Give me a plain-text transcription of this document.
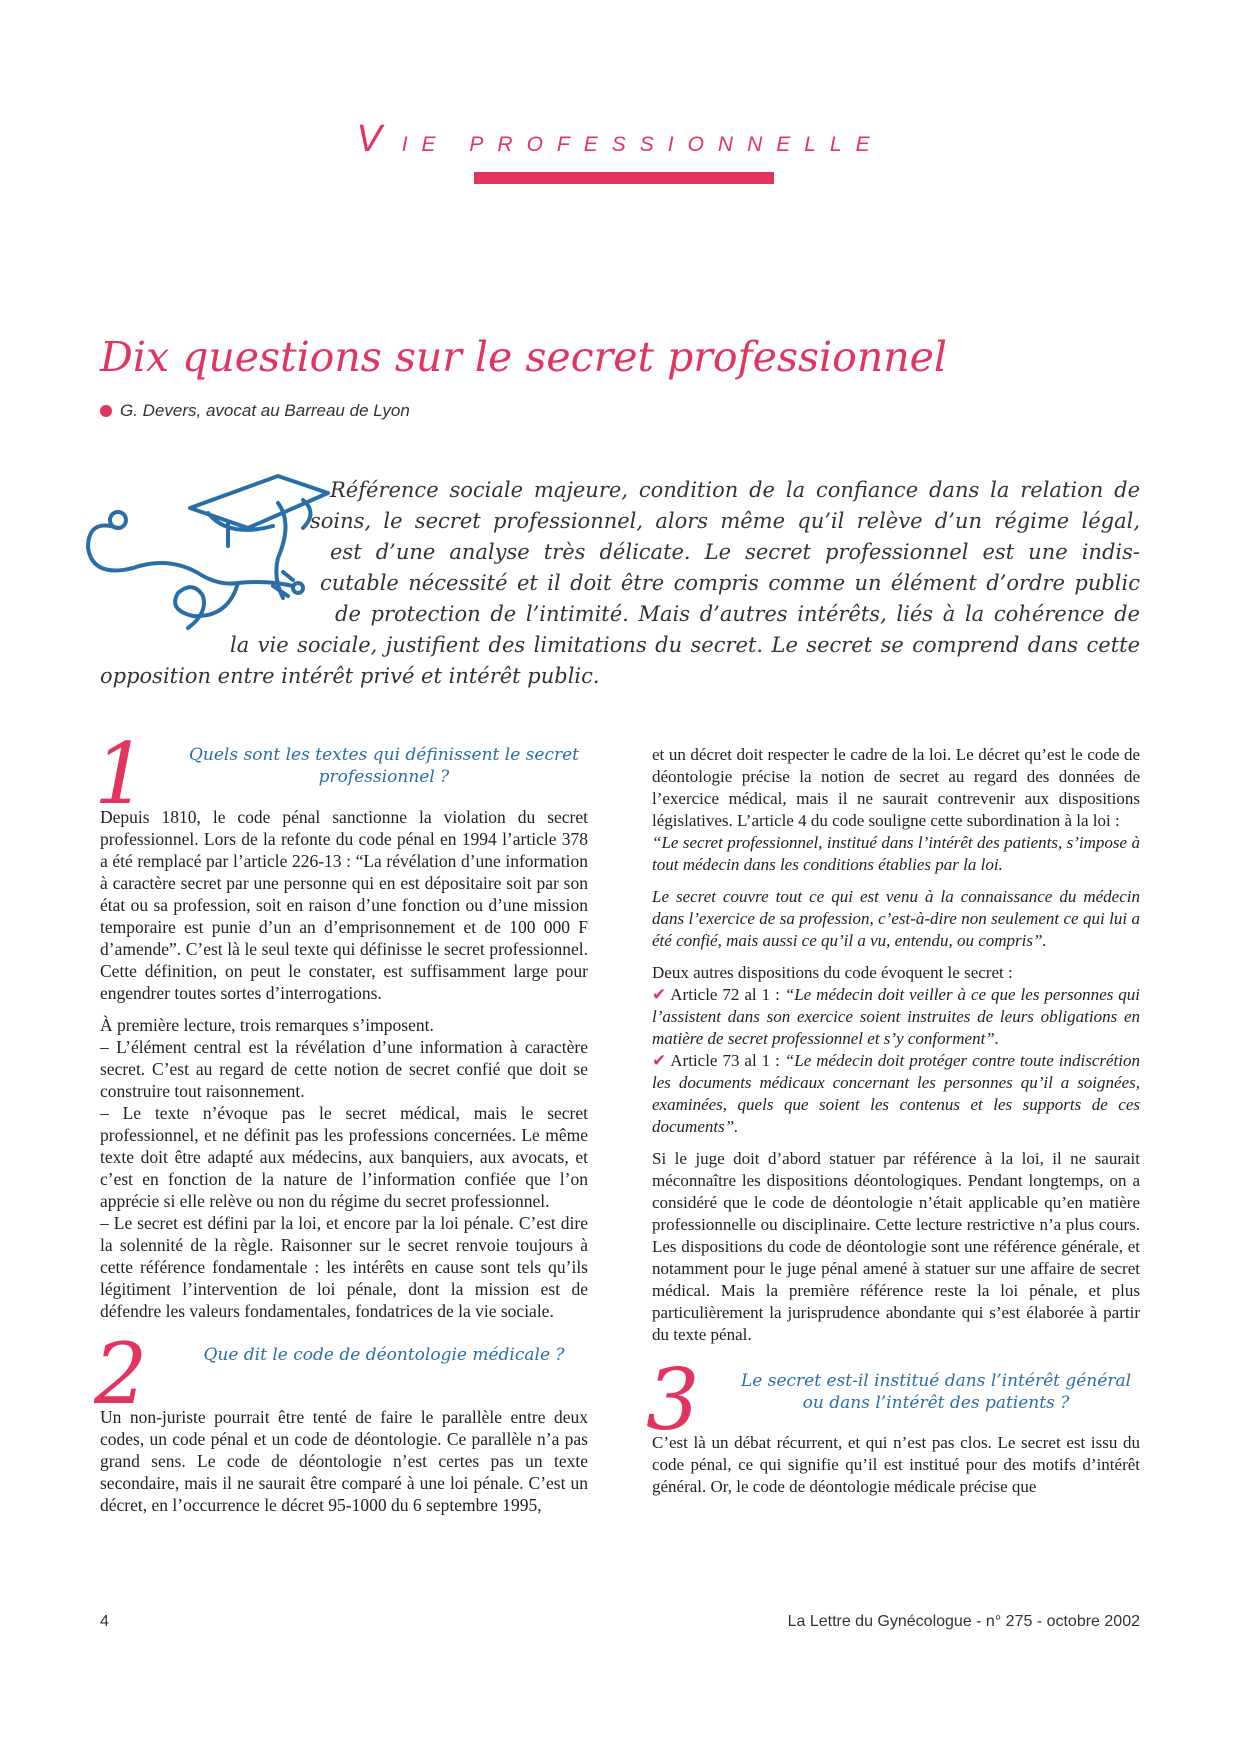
VIE PROFESSIONNELLE
Dix questions sur le secret professionnel
G. Devers, avocat au Barreau de Lyon
Référence sociale majeure, condition de la confiance dans la relation de
soins, le secret professionnel, alors même qu’il relève d’un régime légal,
est d’une analyse très délicate. Le secret professionnel est une indis-
cutable nécessité et il doit être compris comme un élément d’ordre public
de protection de l’intimité. Mais d’autres intérêts, liés à la cohérence de
la vie sociale, justifient des limitations du secret. Le secret se comprend dans cette
opposition entre intérêt privé et intérêt public.
1	Quels sont les textes qui définissent le secret professionnel ?

Depuis 1810, le code pénal sanctionne la violation du secret professionnel. Lors de la refonte du code pénal en 1994 l’article 378 a été remplacé par l’article 226-13 : “La révélation d’une information à caractère secret par une personne qui en est dépositaire soit par son état ou sa profession, soit en raison d’une fonction ou d’une mission temporaire est punie d’un an d’emprisonnement et de 100 000 F d’amende”. C’est là le seul texte qui définisse le secret professionnel. Cette définition, on peut le constater, est suffisamment large pour engendrer toutes sortes d’interrogations.

À première lecture, trois remarques s’imposent.

– L’élément central est la révélation d’une information à caractère secret. C’est au regard de cette notion de secret confié que doit se construire tout raisonnement.

– Le texte n’évoque pas le secret médical, mais le secret professionnel, et ne définit pas les professions concernées. Le même texte doit être adapté aux médecins, aux banquiers, aux avocats, et c’est en fonction de la nature de l’information confiée que l’on apprécie si elle relève ou non du régime du secret professionnel.

– Le secret est défini par la loi, et encore par la loi pénale. C’est dire la solennité de la règle. Raisonner sur le secret renvoie toujours à cette référence fondamentale : les intérêts en cause sont tels qu’ils légitiment l’intervention de loi pénale, dont la mission est de défendre les valeurs fondamentales, fondatrices de la vie sociale.

2	Que dit le code de déontologie médicale ?

Un non-juriste pourrait être tenté de faire le parallèle entre deux codes, un code pénal et un code de déontologie. Ce parallèle n’a pas grand sens. Le code de déontologie n’est certes pas un texte secondaire, mais il ne saurait être comparé à une loi pénale. C’est un décret, en l’occurrence le décret 95-1000 du 6 septembre 1995,

et un décret doit respecter le cadre de la loi. Le décret qu’est le code de déontologie précise la notion de secret au regard des données de l’exercice médical, mais il ne saurait contrevenir aux dispositions législatives. L’article 4 du code souligne cette subordination à la loi :

“Le secret professionnel, institué dans l’intérêt des patients, s’impose à tout médecin dans les conditions établies par la loi.

Le secret couvre tout ce qui est venu à la connaissance du médecin dans l’exercice de sa profession, c’est-à-dire non seulement ce qui lui a été confié, mais aussi ce qu’il a vu, entendu, ou compris”.

Deux autres dispositions du code évoquent le secret :

✔ Article 72 al 1 : “Le médecin doit veiller à ce que les personnes qui l’assistent dans son exercice soient instruites de leurs obligations en matière de secret professionnel et s’y conforment”.

✔ Article 73 al 1 : “Le médecin doit protéger contre toute indiscrétion les documents médicaux concernant les personnes qu’il a soignées, examinées, quels que soient les contenus et les supports de ces documents”.

Si le juge doit d’abord statuer par référence à la loi, il ne saurait méconnaître les dispositions déontologiques. Pendant longtemps, on a considéré que le code de déontologie n’était applicable qu’en matière professionnelle ou disciplinaire. Cette lecture restrictive n’a plus cours. Les dispositions du code de déontologie sont une référence générale, et notamment pour le juge pénal amené à statuer sur une affaire de secret médical. Mais la première référence reste la loi pénale, et plus particulièrement la jurisprudence abondante qui s’est élaborée à partir du texte pénal.

3	Le secret est-il institué dans l’intérêt général ou dans l’intérêt des patients ?

C’est là un débat récurrent, et qui n’est pas clos. Le secret est issu du code pénal, ce qui signifie qu’il est institué pour des motifs d’intérêt général. Or, le code de déontologie médicale précise que

4	La Lettre du Gynécologue - n° 275 - octobre 2002
